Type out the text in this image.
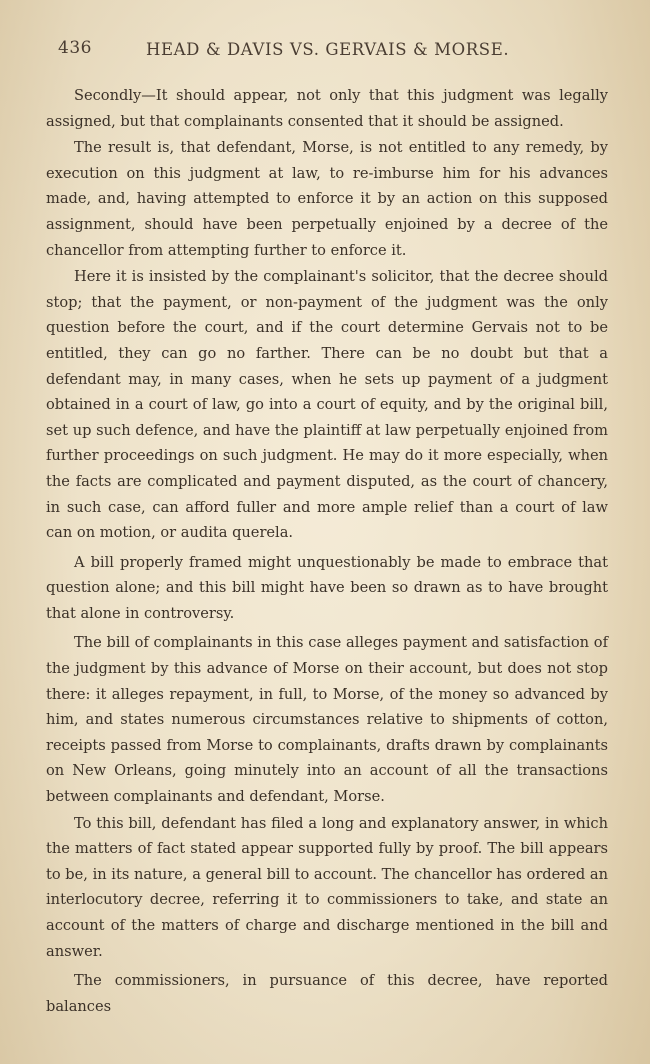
436	HEAD & DAVIS VS. GERVAIS & MORSE.

Secondly—It should appear, not only that this judgment was legally assigned, but that complainants consented that it should be assigned.

The result is, that defendant, Morse, is not entitled to any remedy, by execution on this judgment at law, to re-imburse him for his advances made, and, having attempted to enforce it by an action on this supposed assignment, should have been perpetually enjoined by a decree of the chancellor from attempting further to enforce it.

Here it is insisted by the complainant's solicitor, that the decree should stop; that the payment, or non-payment of the judgment was the only question before the court, and if the court determine Gervais not to be entitled, they can go no farther. There can be no doubt but that a defendant may, in many cases, when he sets up payment of a judgment obtained in a court of law, go into a court of equity, and by the original bill, set up such defence, and have the plaintiff at law perpetually enjoined from further proceedings on such judgment. He may do it more especially, when the facts are complicated and payment disputed, as the court of chancery, in such case, can afford fuller and more ample relief than a court of law can on motion, or audita querela.

A bill properly framed might unquestionably be made to embrace that question alone; and this bill might have been so drawn as to have brought that alone in controversy.

The bill of complainants in this case alleges payment and satisfaction of the judgment by this advance of Morse on their account, but does not stop there: it alleges repayment, in full, to Morse, of the money so advanced by him, and states numerous circumstances relative to shipments of cotton, receipts passed from Morse to complainants, drafts drawn by complainants on New Orleans, going minutely into an account of all the transactions between complainants and defendant, Morse.

To this bill, defendant has filed a long and explanatory answer, in which the matters of fact stated appear supported fully by proof. The bill appears to be, in its nature, a general bill to account. The chancellor has ordered an interlocutory decree, referring it to commissioners to take, and state an account of the matters of charge and discharge mentioned in the bill and answer.

The commissioners, in pursuance of this decree, have reported balances
